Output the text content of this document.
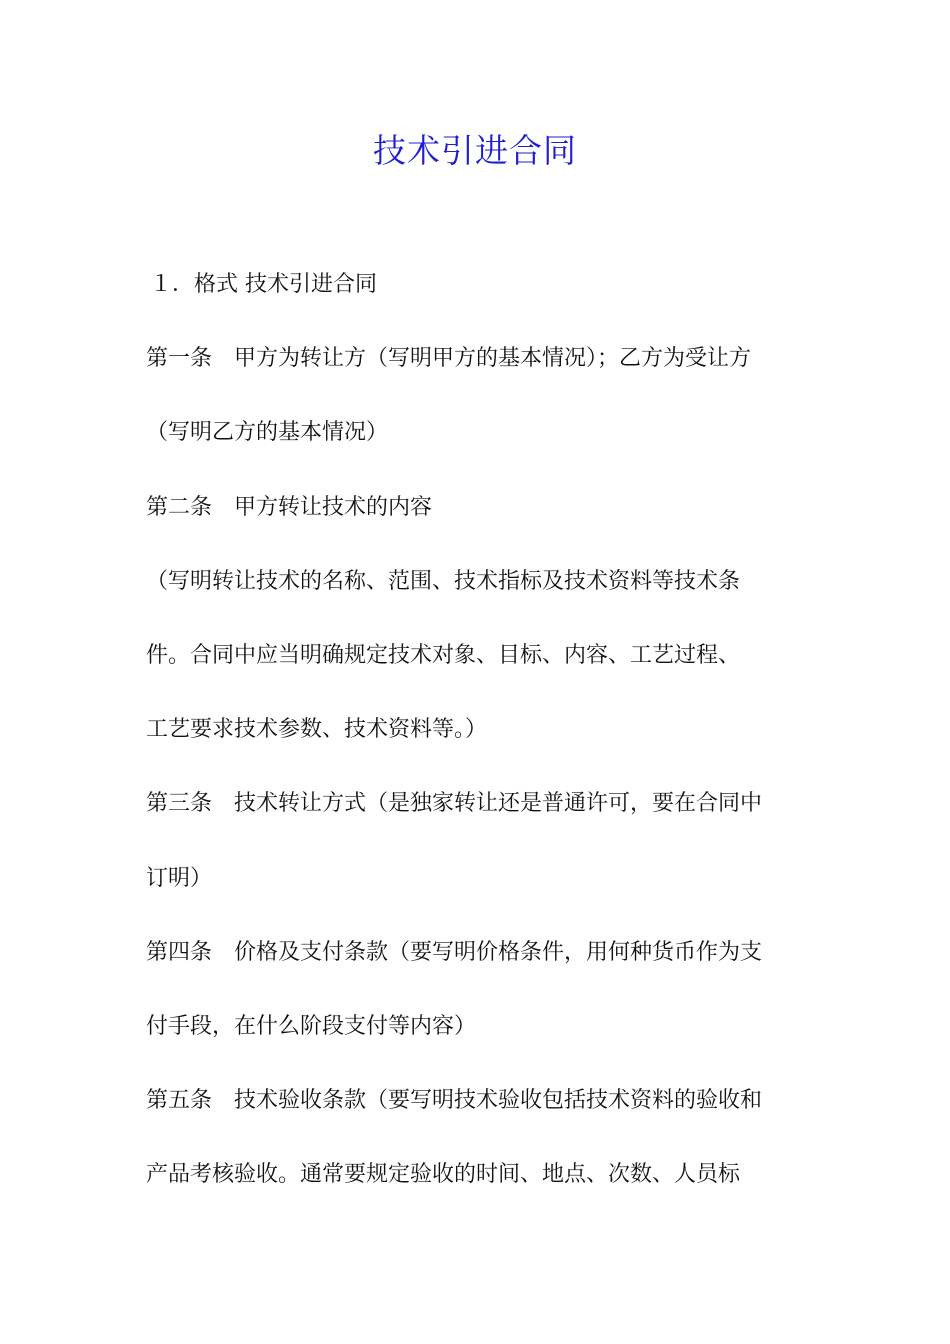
技术引进合同
１．格式 技术引进合同
第一条　甲方为转让方（写明甲方的基本情况）；乙方为受让方
（写明乙方的基本情况）
第二条　甲方转让技术的内容
（写明转让技术的名称、范围、技术指标及技术资料等技术条
件。合同中应当明确规定技术对象、目标、内容、工艺过程、
工艺要求技术参数、技术资料等。）
第三条　技术转让方式（是独家转让还是普通许可，要在合同中
订明）
第四条　价格及支付条款（要写明价格条件，用何种货币作为支
付手段，在什么阶段支付等内容）
第五条　技术验收条款（要写明技术验收包括技术资料的验收和
产品考核验收。通常要规定验收的时间、地点、次数、人员标
